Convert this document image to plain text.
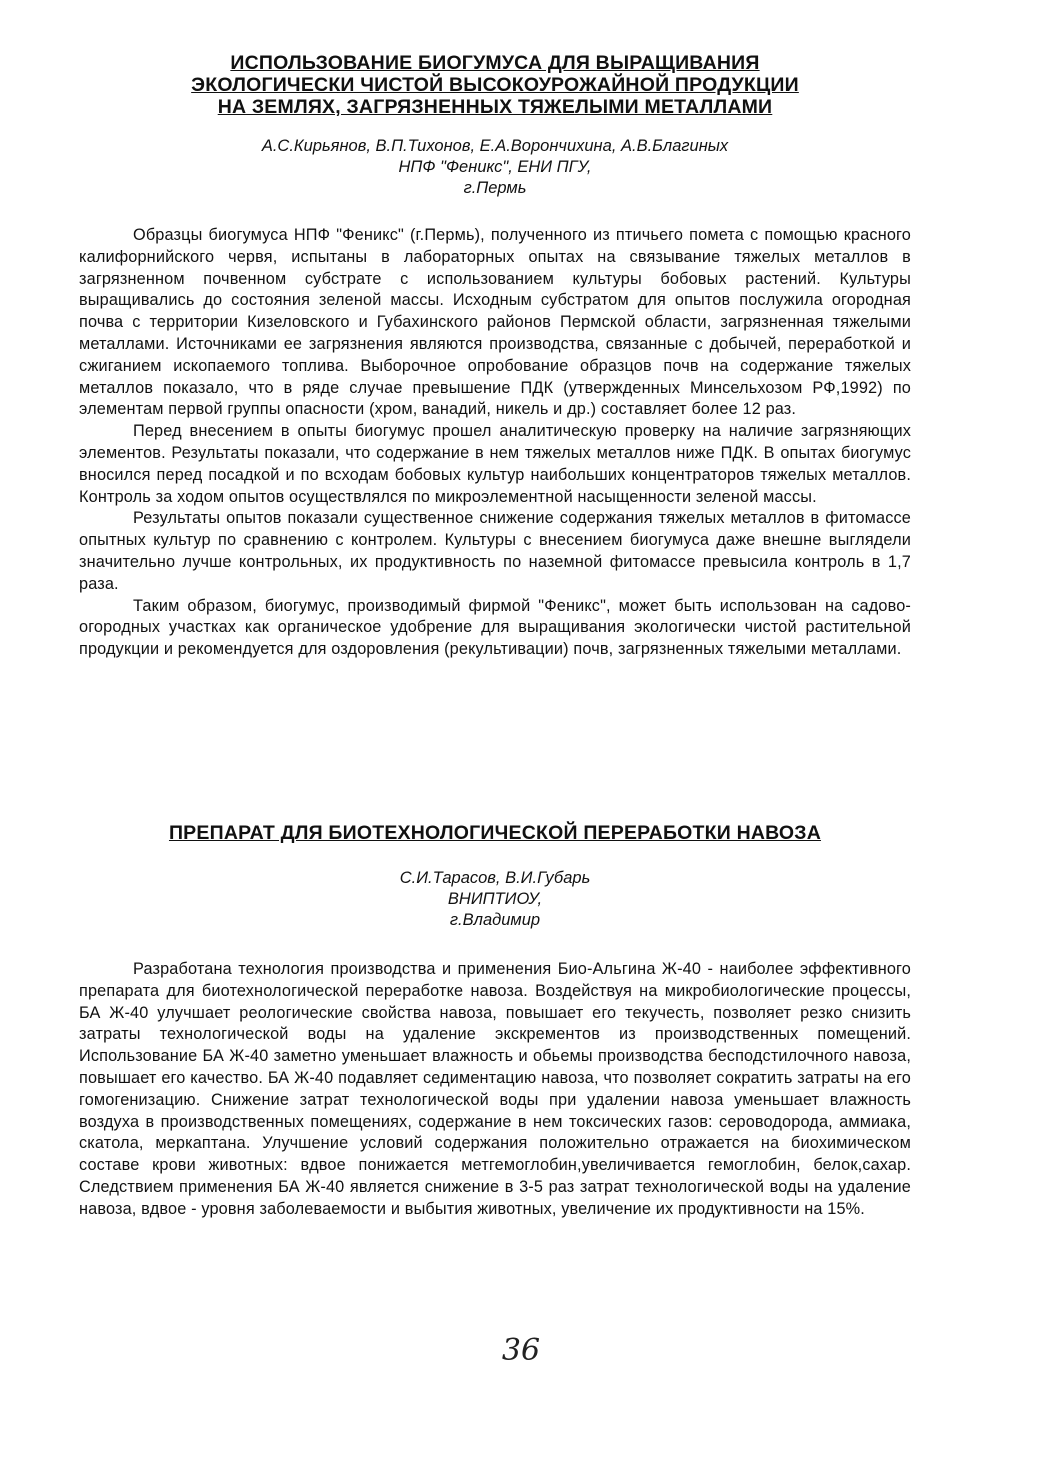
ИСПОЛЬЗОВАНИЕ БИОГУМУСА ДЛЯ ВЫРАЩИВАНИЯ
ЭКОЛОГИЧЕСКИ ЧИСТОЙ ВЫСОКОУРОЖАЙНОЙ ПРОДУКЦИИ
НА ЗЕМЛЯХ, ЗАГРЯЗНЕННЫХ ТЯЖЕЛЫМИ МЕТАЛЛАМИ
А.С.Кирьянов, В.П.Тихонов, Е.А.Ворончихина, А.В.Благиных
НПФ "Феникс", ЕНИ ПГУ,
г.Пермь

Образцы биогумуса НПФ "Феникс" (г.Пермь), полученного из птичьего помета с помощью красного калифорнийского червя, испытаны в лабораторных опытах на связывание тяжелых металлов в загрязненном почвенном субстрате с использованием культуры бобовых растений. Культуры выращивались до состояния зеленой массы. Исходным субстратом для опытов послужила огородная почва с территории Кизеловского и Губахинского районов Пермской области, загрязненная тяжелыми металлами. Источниками ее загрязнения являются производства, связанные с добычей, переработкой и сжиганием ископаемого топлива. Выборочное опробование образцов почв на содержание тяжелых металлов показало, что в ряде случае превышение ПДК (утвержденных Минсельхозом РФ,1992) по элементам первой группы опасности (хром, ванадий, никель и др.) составляет более 12 раз.

Перед внесением в опыты биогумус прошел аналитическую проверку на наличие загрязняющих элементов. Результаты показали, что содержание в нем тяжелых металлов ниже ПДК. В опытах биогумус вносился перед посадкой и по всходам бобовых культур наибольших концентраторов тяжелых металлов. Контроль за ходом опытов осуществлялся по микроэлементной насыщенности зеленой массы.

Результаты опытов показали существенное снижение содержания тяжелых металлов в фитомассе опытных культур по сравнению с контролем. Культуры с внесением биогумуса даже внешне выглядели значительно лучше контрольных, их продуктивность по наземной фитомассе превысила контроль в 1,7 раза.

Таким образом, биогумус, производимый фирмой "Феникс", может быть использован на садово-огородных участках как органическое удобрение для выращивания экологически чистой растительной продукции и рекомендуется для оздоровления (рекультивации) почв, загрязненных тяжелыми металлами.

ПРЕПАРАТ ДЛЯ БИОТЕХНОЛОГИЧЕСКОЙ ПЕРЕРАБОТКИ НАВОЗА
С.И.Тарасов, В.И.Губарь
ВНИПТИОУ,
г.Владимир

Разработана технология производства и применения Био-Альгина Ж-40 - наиболее эффективного препарата для биотехнологической переработке навоза. Воздействуя на микробиологические процессы, БА Ж-40 улучшает реологические свойства навоза, повышает его текучесть, позволяет резко снизить затраты технологической воды на удаление экскрементов из производственных помещений. Использование БА Ж-40 заметно уменьшает влажность и обьемы производства бесподстилочного навоза, повышает его качество. БА Ж-40 подавляет седиментацию навоза, что позволяет сократить затраты на его гомогенизацию. Снижение затрат технологической воды при удалении навоза уменьшает влажность воздуха в производственных помещениях, содержание в нем токсических газов: сероводорода, аммиака, скатола, меркаптана. Улучшение условий содержания положительно отражается на биохимическом составе крови животных: вдвое понижается метгемоглобин,увеличивается гемоглобин, белок,сахар. Следствием применения БА Ж-40 является снижение в 3-5 раз затрат технологической воды на удаление навоза, вдвое - уровня заболеваемости и выбытия животных, увеличение их продуктивности на 15%.

36
